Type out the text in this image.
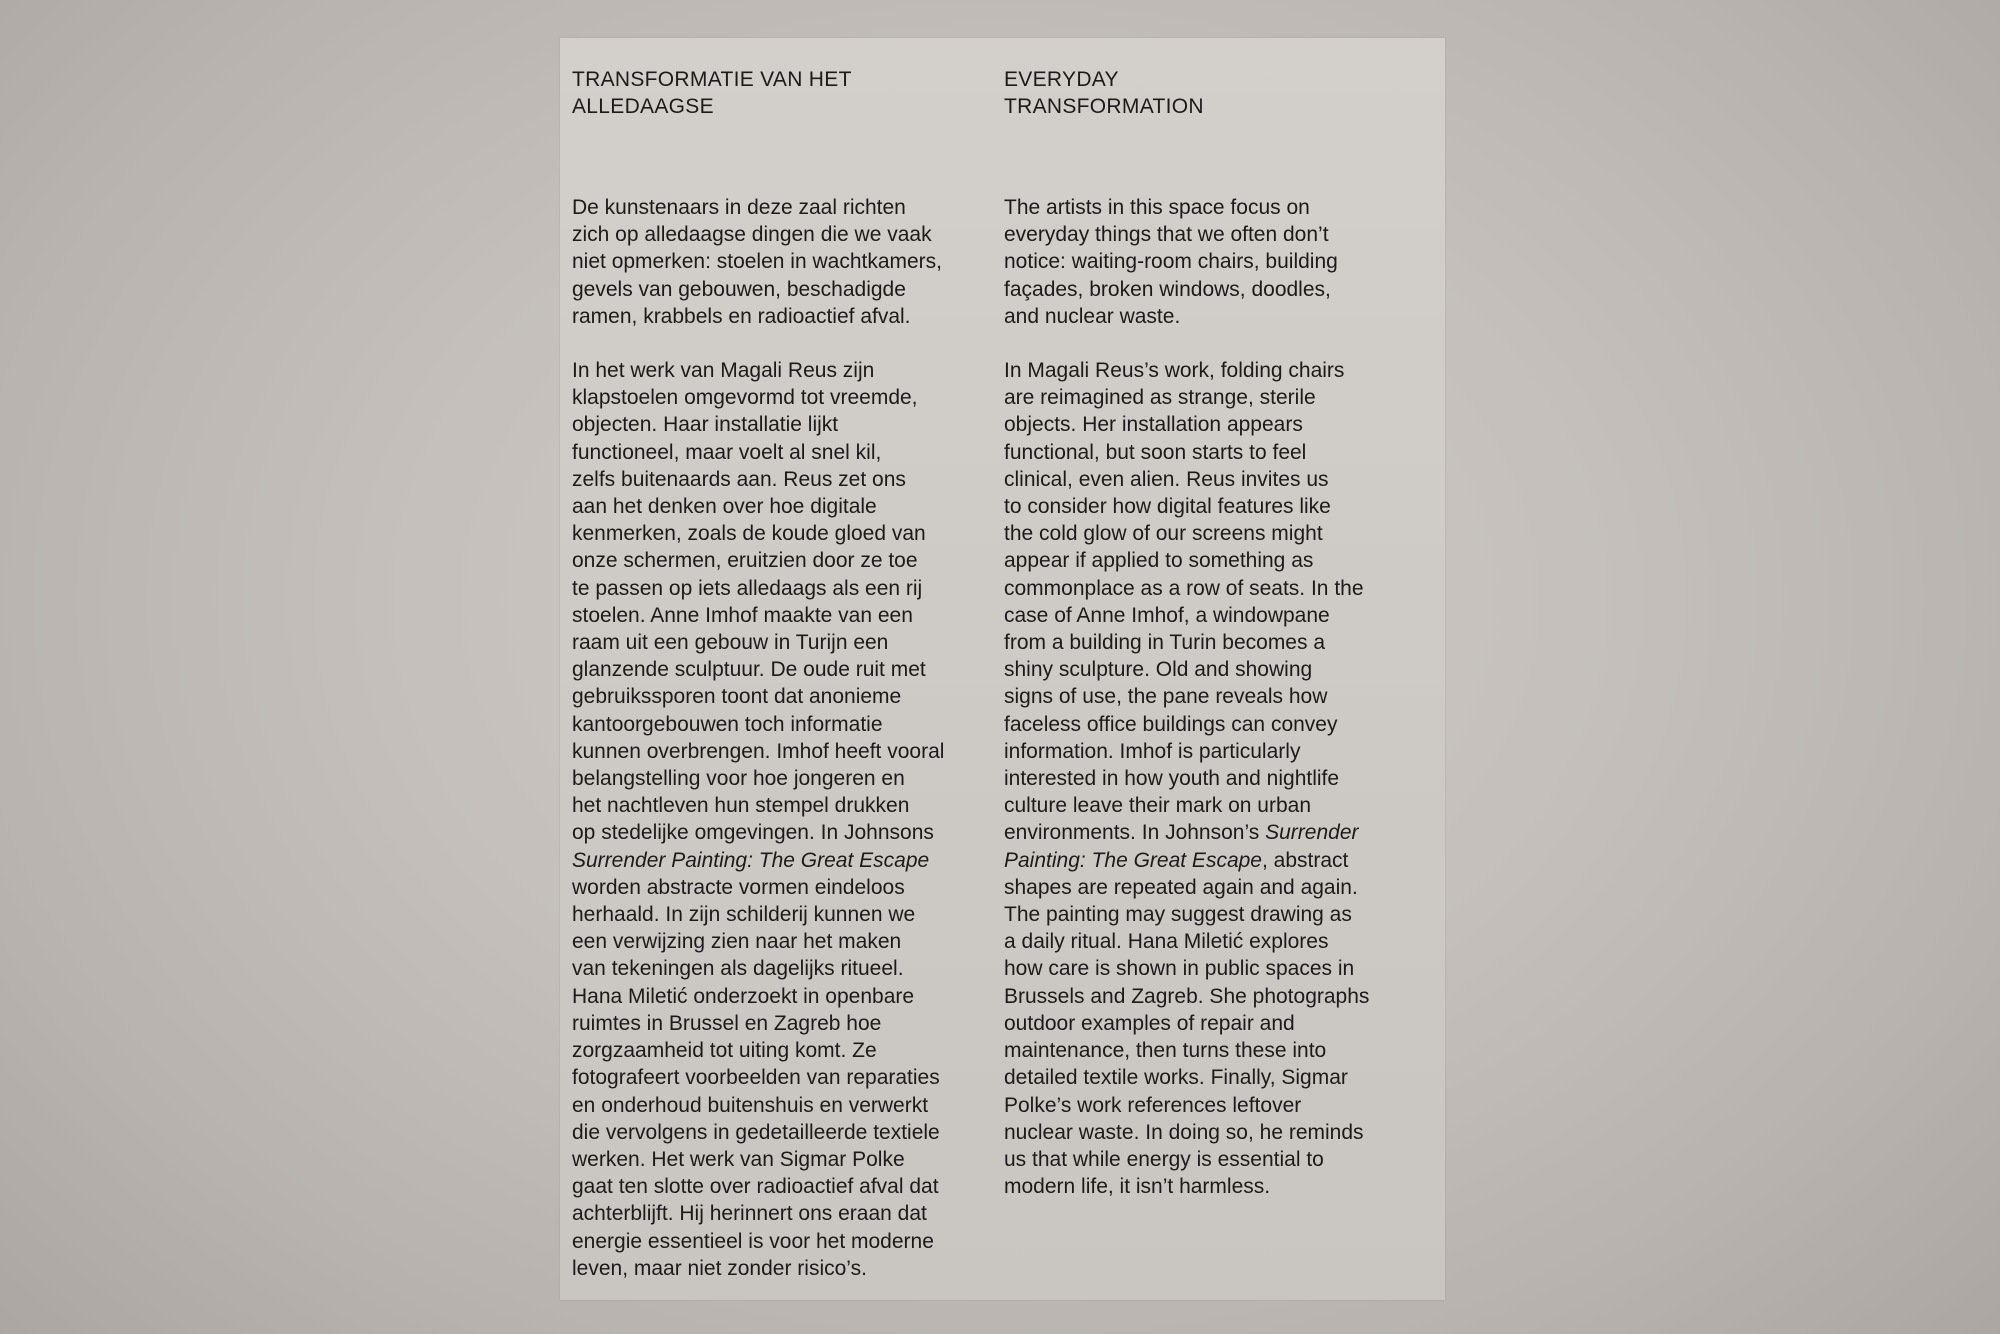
TRANSFORMATIE VAN HET
ALLEDAAGSE

De kunstenaars in deze zaal richten
zich op alledaagse dingen die we vaak
niet opmerken: stoelen in wachtkamers,
gevels van gebouwen, beschadigde
ramen, krabbels en radioactief afval.

In het werk van Magali Reus zijn
klapstoelen omgevormd tot vreemde,
objecten. Haar installatie lijkt
functioneel, maar voelt al snel kil,
zelfs buitenaards aan. Reus zet ons
aan het denken over hoe digitale
kenmerken, zoals de koude gloed van
onze schermen, eruitzien door ze toe
te passen op iets alledaags als een rij
stoelen. Anne Imhof maakte van een
raam uit een gebouw in Turijn een
glanzende sculptuur. De oude ruit met
gebruikssporen toont dat anonieme
kantoorgebouwen toch informatie
kunnen overbrengen. Imhof heeft vooral
belangstelling voor hoe jongeren en
het nachtleven hun stempel drukken
op stedelijke omgevingen. In Johnsons
Surrender Painting: The Great Escape
worden abstracte vormen eindeloos
herhaald. In zijn schilderij kunnen we
een verwijzing zien naar het maken
van tekeningen als dagelijks ritueel.
Hana Miletić onderzoekt in openbare
ruimtes in Brussel en Zagreb hoe
zorgzaamheid tot uiting komt. Ze
fotografeert voorbeelden van reparaties
en onderhoud buitenshuis en verwerkt
die vervolgens in gedetailleerde textiele
werken. Het werk van Sigmar Polke
gaat ten slotte over radioactief afval dat
achterblijft. Hij herinnert ons eraan dat
energie essentieel is voor het moderne
leven, maar niet zonder risico’s.

EVERYDAY
TRANSFORMATION

The artists in this space focus on
everyday things that we often don’t
notice: waiting-room chairs, building
façades, broken windows, doodles,
and nuclear waste.

In Magali Reus’s work, folding chairs
are reimagined as strange, sterile
objects. Her installation appears
functional, but soon starts to feel
clinical, even alien. Reus invites us
to consider how digital features like
the cold glow of our screens might
appear if applied to something as
commonplace as a row of seats. In the
case of Anne Imhof, a windowpane
from a building in Turin becomes a
shiny sculpture. Old and showing
signs of use, the pane reveals how
faceless office buildings can convey
information. Imhof is particularly
interested in how youth and nightlife
culture leave their mark on urban
environments. In Johnson’s Surrender
Painting: The Great Escape, abstract
shapes are repeated again and again.
The painting may suggest drawing as
a daily ritual. Hana Miletić explores
how care is shown in public spaces in
Brussels and Zagreb. She photographs
outdoor examples of repair and
maintenance, then turns these into
detailed textile works. Finally, Sigmar
Polke’s work references leftover
nuclear waste. In doing so, he reminds
us that while energy is essential to
modern life, it isn’t harmless.
